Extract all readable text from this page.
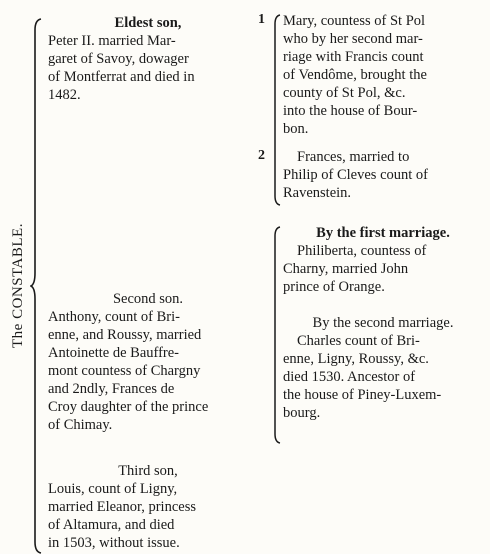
The CONSTABLE.
Eldest son,
Peter II. married Mar-
garet of Savoy, dowager
of Montferrat and died in
1482.
Second son.
Anthony, count of Bri-
enne, and Roussy, married
Antoinette de Bauffre-
mont countess of Chargny
and 2ndly, Frances de
Croy daughter of the prince
of Chimay.
Third son,
Louis, count of Ligny,
married Eleanor, princess
of Altamura, and died
in 1503, without issue.
1 Mary, countess of St Pol
who by her second mar-
riage with Francis count
of Vendôme, brought the
county of St Pol, &c.
into the house of Bour-
bon.
2	Frances, married to
Philip of Cleves count of
Ravenstein.
By the first marriage.
Philiberta, countess of
Charny, married John
prince of Orange.
By the second marriage.
Charles count of Bri-
enne, Ligny, Roussy, &c.
died 1530. Ancestor of
the house of Piney-Luxem-
bourg.
